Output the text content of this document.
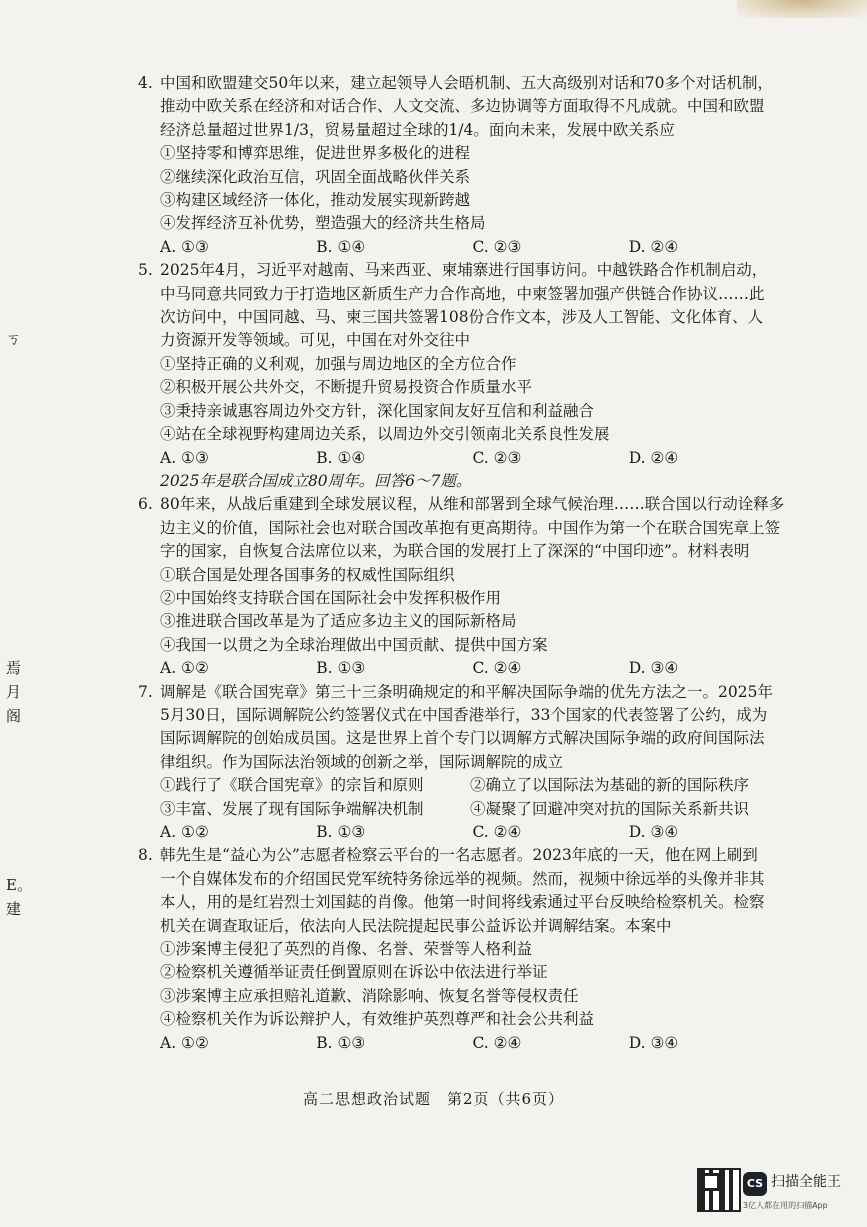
ㄎ
焉
月
阁
E。
建
4. 中国和欧盟建交50年以来，建立起领导人会晤机制、五大高级别对话和70多个对话机制，
推动中欧关系在经济和对话合作、人文交流、多边协调等方面取得不凡成就。中国和欧盟
经济总量超过世界1/3，贸易量超过全球的1/4。面向未来，发展中欧关系应
①坚持零和博弈思维，促进世界多极化的进程
②继续深化政治互信，巩固全面战略伙伴关系
③构建区域经济一体化，推动发展实现新跨越
④发挥经济互补优势，塑造强大的经济共生格局
A. ①③	B. ①④	C. ②③	D. ②④
5. 2025年4月，习近平对越南、马来西亚、柬埔寨进行国事访问。中越铁路合作机制启动，
中马同意共同致力于打造地区新质生产力合作高地，中柬签署加强产供链合作协议……此
次访问中，中国同越、马、柬三国共签署108份合作文本，涉及人工智能、文化体育、人
力资源开发等领域。可见，中国在对外交往中
①坚持正确的义利观，加强与周边地区的全方位合作
②积极开展公共外交，不断提升贸易投资合作质量水平
③秉持亲诚惠容周边外交方针，深化国家间友好互信和利益融合
④站在全球视野构建周边关系，以周边外交引领南北关系良性发展
A. ①③	B. ①④	C. ②③	D. ②④
2025年是联合国成立80周年。回答6～7题。
6. 80年来，从战后重建到全球发展议程，从维和部署到全球气候治理……联合国以行动诠释多
边主义的价值，国际社会也对联合国改革抱有更高期待。中国作为第一个在联合国宪章上签
字的国家，自恢复合法席位以来，为联合国的发展打上了深深的“中国印迹”。材料表明
①联合国是处理各国事务的权威性国际组织
②中国始终支持联合国在国际社会中发挥积极作用
③推进联合国改革是为了适应多边主义的国际新格局
④我国一以贯之为全球治理做出中国贡献、提供中国方案
A. ①②	B. ①③	C. ②④	D. ③④
7. 调解是《联合国宪章》第三十三条明确规定的和平解决国际争端的优先方法之一。2025年
5月30日，国际调解院公约签署仪式在中国香港举行，33个国家的代表签署了公约，成为
国际调解院的创始成员国。这是世界上首个专门以调解方式解决国际争端的政府间国际法
律组织。作为国际法治领域的创新之举，国际调解院的成立
①践行了《联合国宪章》的宗旨和原则	②确立了以国际法为基础的新的国际秩序
③丰富、发展了现有国际争端解决机制	④凝聚了回避冲突对抗的国际关系新共识
A. ①②	B. ①③	C. ②④	D. ③④
8. 韩先生是“益心为公”志愿者检察云平台的一名志愿者。2023年底的一天，他在网上刷到
一个自媒体发布的介绍国民党军统特务徐远举的视频。然而，视频中徐远举的头像并非其
本人，用的是红岩烈士刘国鋕的肖像。他第一时间将线索通过平台反映给检察机关。检察
机关在调查取证后，依法向人民法院提起民事公益诉讼并调解结案。本案中
①涉案博主侵犯了英烈的肖像、名誉、荣誉等人格利益
②检察机关遵循举证责任倒置原则在诉讼中依法进行举证
③涉案博主应承担赔礼道歉、消除影响、恢复名誉等侵权责任
④检察机关作为诉讼辩护人，有效维护英烈尊严和社会公共利益
A. ①②	B. ①③	C. ②④	D. ③④
高二思想政治试题　第2页（共6页）
CS 扫描全能王
3亿人都在用的扫描App
